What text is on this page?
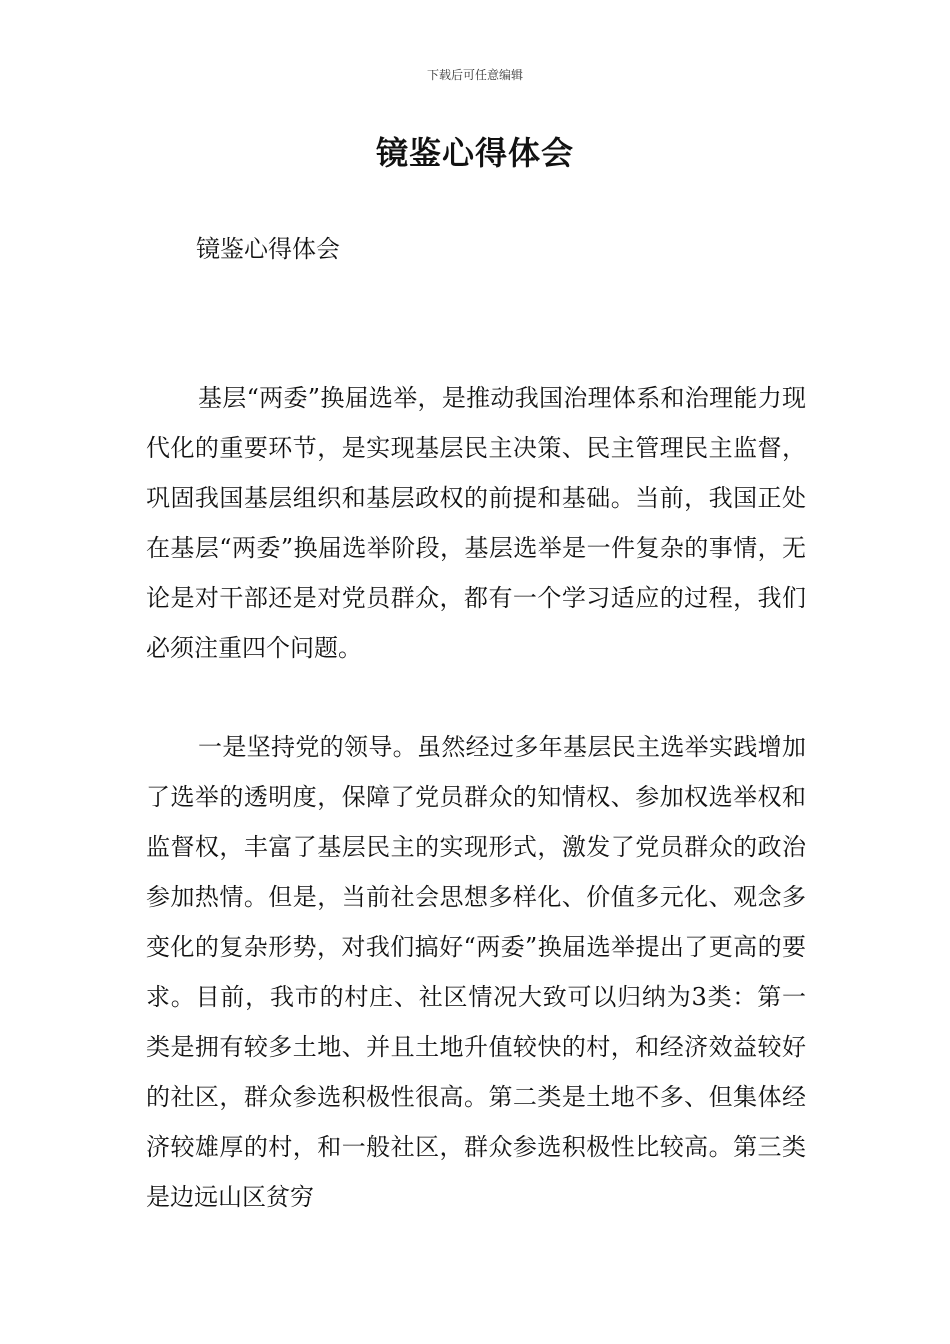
下载后可任意编辑
镜鉴心得体会
镜鉴心得体会

基层“两委”换届选举，是推动我国治理体系和治理能力现代化的重要环节，是实现基层民主决策、民主管理民主监督，巩固我国基层组织和基层政权的前提和基础。当前，我国正处在基层“两委”换届选举阶段，基层选举是一件复杂的事情，无论是对干部还是对党员群众，都有一个学习适应的过程，我们必须注重四个问题。

一是坚持党的领导。虽然经过多年基层民主选举实践增加了选举的透明度，保障了党员群众的知情权、参加权选举权和监督权，丰富了基层民主的实现形式，激发了党员群众的政治参加热情。但是，当前社会思想多样化、价值多元化、观念多变化的复杂形势，对我们搞好“两委”换届选举提出了更高的要求。目前，我市的村庄、社区情况大致可以归纳为3类：第一类是拥有较多土地、并且土地升值较快的村，和经济效益较好的社区，群众参选积极性很高。第二类是土地不多、但集体经济较雄厚的村，和一般社区，群众参选积极性比较高。第三类是边远山区贫穷
